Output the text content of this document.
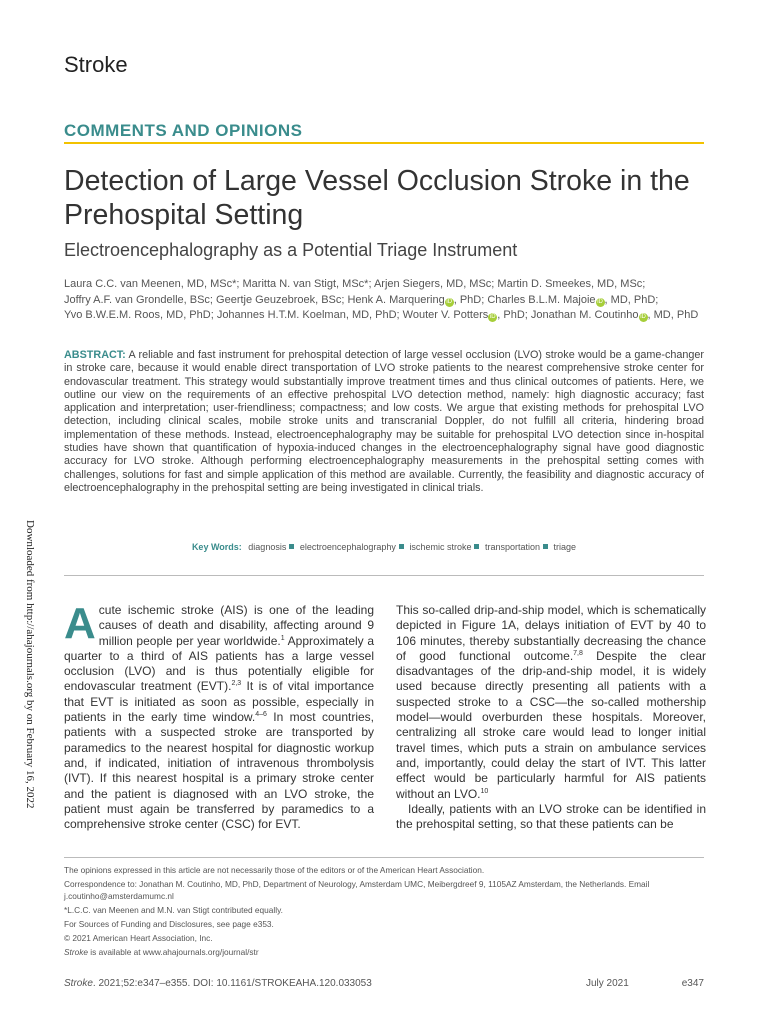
Stroke
COMMENTS AND OPINIONS
Detection of Large Vessel Occlusion Stroke in the Prehospital Setting
Electroencephalography as a Potential Triage Instrument
Laura C.C. van Meenen, MD, MSc*; Maritta N. van Stigt, MSc*; Arjen Siegers, MD, MSc; Martin D. Smeekes, MD, MSc;
Joffry A.F. van Grondelle, BSc; Geertje Geuzebroek, BSc; Henk A. Marquering iD , PhD; Charles B.L.M. Majoie iD , MD, PhD;
Yvo B.W.E.M. Roos, MD, PhD; Johannes H.T.M. Koelman, MD, PhD; Wouter V. Potters iD , PhD; Jonathan M. Coutinho iD , MD, PhD
ABSTRACT: A reliable and fast instrument for prehospital detection of large vessel occlusion (LVO) stroke would be a game-changer in stroke care, because it would enable direct transportation of LVO stroke patients to the nearest comprehensive stroke center for endovascular treatment. This strategy would substantially improve treatment times and thus clinical outcomes of patients. Here, we outline our view on the requirements of an effective prehospital LVO detection method, namely: high diagnostic accuracy; fast application and interpretation; user-friendliness; compactness; and low costs. We argue that existing methods for prehospital LVO detection, including clinical scales, mobile stroke units and transcranial Doppler, do not fulfill all criteria, hindering broad implementation of these methods. Instead, electroencephalography may be suitable for prehospital LVO detection since in-hospital studies have shown that quantification of hypoxia-induced changes in the electroencephalography signal have good diagnostic accuracy for LVO stroke. Although performing electroencephalography measurements in the prehospital setting comes with challenges, solutions for fast and simple application of this method are available. Currently, the feasibility and diagnostic accuracy of electroencephalography in the prehospital setting are being investigated in clinical trials.
Key Words: diagnosis electroencephalography ischemic stroke transportation triage
Downloaded from http://ahajournals.org by on February 16, 2022 Acute ischemic stroke (AIS) is one of the leading causes of death and disability, affecting around 9 million people per year worldwide.$^1$ Approximately a quarter to a third of AIS patients has a large vessel occlusion (LVO) and is thus potentially eligible for endovascular treatment (EVT).$^{2,3}$ It is of vital importance that EVT is initiated as soon as possible, especially in patients in the early time window.$^{4-6}$ In most countries, patients with a suspected stroke are transported by paramedics to the nearest hospital for diagnostic workup and, if indicated, initiation of intravenous thrombolysis (IVT). If this nearest hospital is a primary stroke center and the patient is diagnosed with an LVO stroke, the patient must again be transferred by paramedics to a comprehensive stroke center (CSC) for EVT.

This so-called drip-and-ship model, which is schematically depicted in Figure 1A, delays initiation of EVT by 40 to 106 minutes, thereby substantially decreasing the chance of good functional outcome.$^{7,8}$ Despite the clear disadvantages of the drip-and-ship model, it is widely used because directly presenting all patients with a suspected stroke to a CSC—the so-called mothership model—would overburden these hospitals. Moreover, centralizing all stroke care would lead to longer initial travel times, which puts a strain on ambulance services and, importantly, could delay the start of IVT. This latter effect would be particularly harmful for AIS patients without an LVO.$^{10}$

Ideally, patients with an LVO stroke can be identified in the prehospital setting, so that these patients can be

The opinions expressed in this article are not necessarily those of the editors or of the American Heart Association.

Correspondence to: Jonathan M. Coutinho, MD, PhD, Department of Neurology, Amsterdam UMC, Meibergdreef 9, 1105AZ Amsterdam, the Netherlands. Email j.coutinho@amsterdamumc.nl

*L.C.C. van Meenen and M.N. van Stigt contributed equally.

For Sources of Funding and Disclosures, see page e353.

© 2021 American Heart Association, Inc.

Stroke is available at www.ahajournals.org/journal/str

Stroke. 2021;52:e347–e355. DOI: 10.1161/STROKEAHA.120.033053	July 2021	e347
